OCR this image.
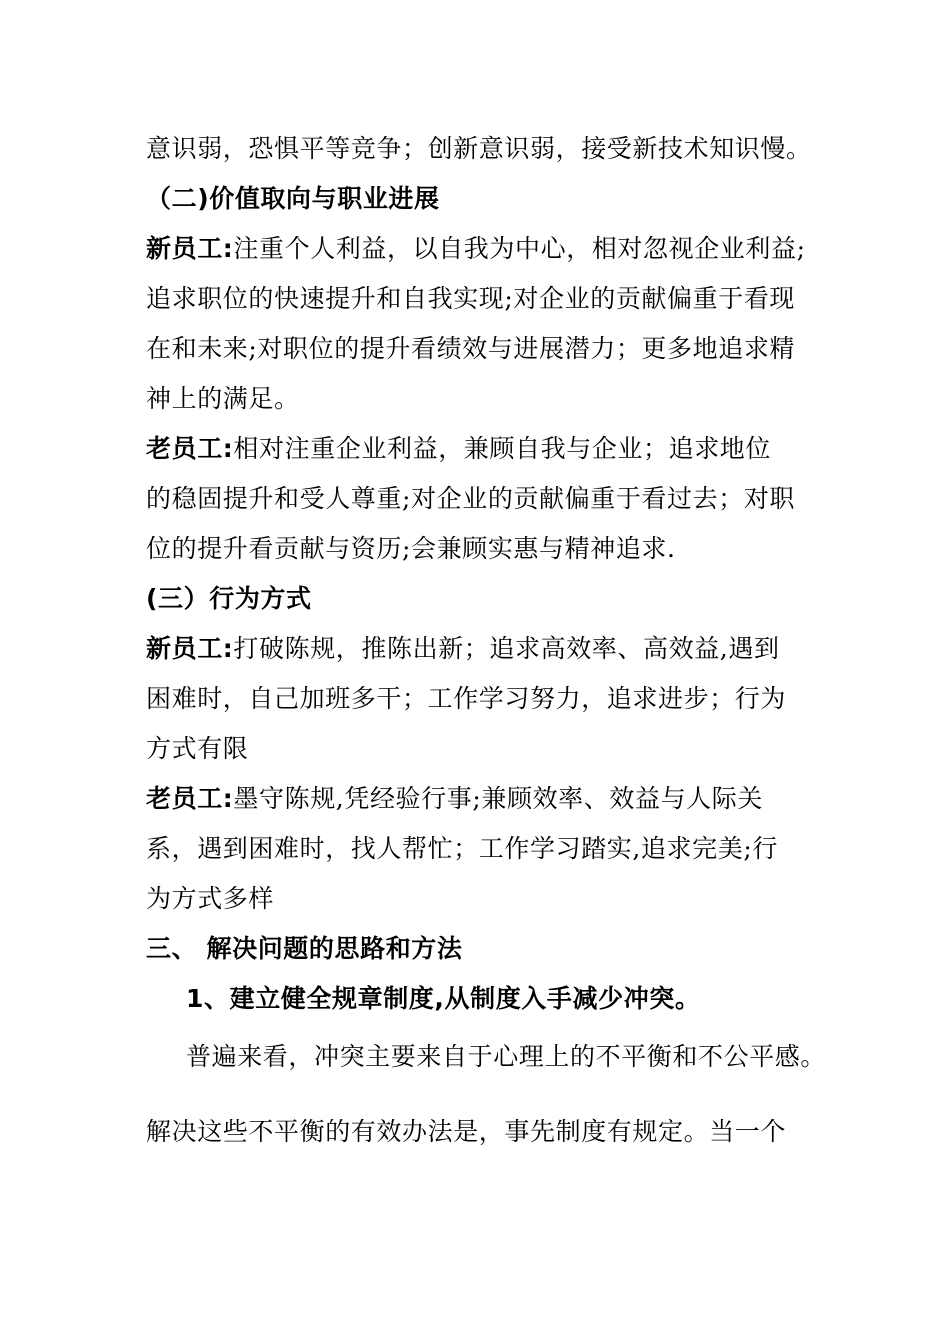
意识弱，恐惧平等竞争；创新意识弱，接受新技术知识慢。
（二)价值取向与职业进展
新员工:注重个人利益，以自我为中心，相对忽视企业利益;
追求职位的快速提升和自我实现;对企业的贡献偏重于看现
在和未来;对职位的提升看绩效与进展潜力；更多地追求精
神上的满足。
老员工:相对注重企业利益，兼顾自我与企业；追求地位
的稳固提升和受人尊重;对企业的贡献偏重于看过去；对职
位的提升看贡献与资历;会兼顾实惠与精神追求.
(三）行为方式
新员工:打破陈规，推陈出新；追求高效率、高效益,遇到
困难时，自己加班多干；工作学习努力，追求进步；行为
方式有限
老员工:墨守陈规,凭经验行事;兼顾效率、效益与人际关
系，遇到困难时，找人帮忙；工作学习踏实,追求完美;行
为方式多样
三、 解决问题的思路和方法
1、建立健全规章制度,从制度入手减少冲突。
普遍来看，冲突主要来自于心理上的不平衡和不公平感。
解决这些不平衡的有效办法是，事先制度有规定。当一个
